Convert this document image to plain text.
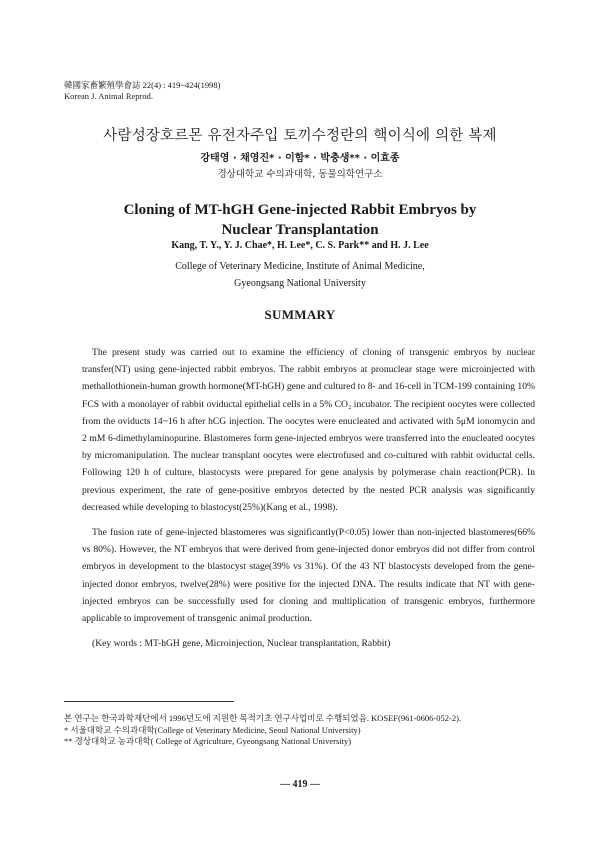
韓國家畜繁殖學會誌 22(4) : 419~424(1998)
Korean J. Animal Reprod.
사람성장호르몬 유전자주입 토끼수정란의 핵이식에 의한 복제
강태영 · 채영진* · 이함* · 박충생** · 이효종
경상대학교 수의과대학, 동물의학연구소
Cloning of MT-hGH Gene-injected Rabbit Embryos by
Nuclear Transplantation
Kang, T. Y., Y. J. Chae*, H. Lee*, C. S. Park** and H. J. Lee
College of Veterinary Medicine, Institute of Animal Medicine,
Gyeongsang National University
SUMMARY

The present study was carried out to examine the efficiency of cloning of transgenic embryos by nuclear transfer(NT) using gene-injected rabbit embryos. The rabbit embryos at pronuclear stage were microinjected with methallothionein-human growth hormone(MT-hGH) gene and cultured to 8- and 16-cell in TCM-199 containing 10% FCS with a monolayer of rabbit oviductal epithelial cells in a 5% CO₂ incubator. The recipient oocytes were collected from the oviducts 14~16 h after hCG injection. The oocytes were enucleated and activated with 5μM ionomycin and 2 mM 6-dimethylaminopurine. Blastomeres form gene-injected embryos were transferred into the enucleated oocytes by micromanipulation. The nuclear transplant oocytes were electrofused and co-cultured with rabbit oviductal cells. Following 120 h of culture, blastocysts were prepared for gene analysis by polymerase chain reaction(PCR). In previous experiment, the rate of gene-positive embryos detected by the nested PCR analysis was significantly decreased while developing to blastocyst(25%)(Kang et al., 1998).

The fusion rate of gene-injected blastomeres was significantly(P<0.05) lower than non-injected blastomeres(66% vs 80%). However, the NT embryos that were derived from gene-injected donor embryos did not differ from control embryos in development to the blastocyst stage(39% vs 31%). Of the 43 NT blastocysts developed from the gene-injected donor embryos, twelve(28%) were positive for the injected DNA. The results indicate that NT with gene-injected embryos can be successfully used for cloning and multiplication of transgenic embryos, furthermore applicable to improvement of transgenic animal production.

(Key words : MT-hGH gene, Microinjection, Nuclear transplantation, Rabbit)

본 연구는 한국과학재단에서 1996년도에 지원한 목적기초 연구사업비로 수행되었음. KOSEF(961-0606-052-2).
* 서울대학교 수의과대학(College of Veterinary Medicine, Seoul National University)
** 경상대학교 농과대학( College of Agriculture, Gyeongsang National University)
— 419 —
